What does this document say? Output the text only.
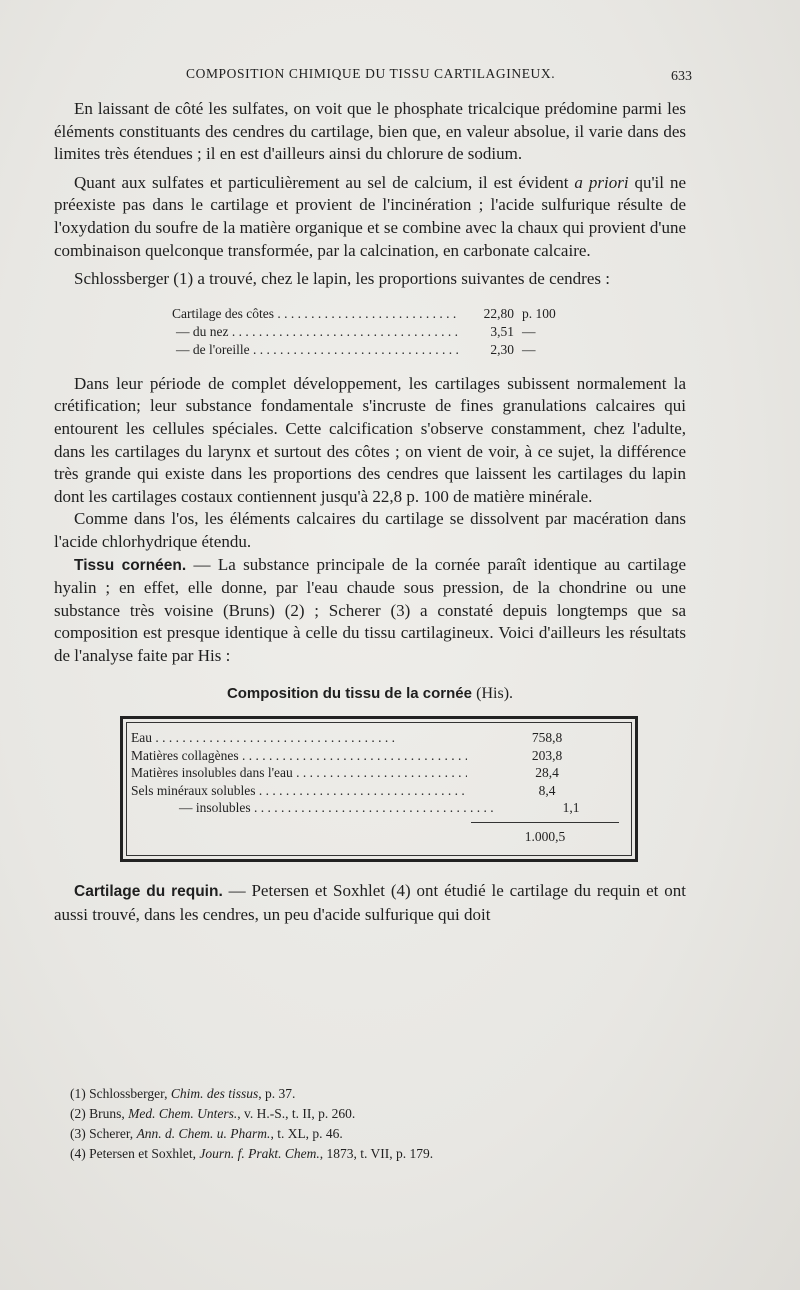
COMPOSITION CHIMIQUE DU TISSU CARTILAGINEUX.	633

En laissant de côté les sulfates, on voit que le phosphate tricalcique prédomine parmi les éléments constituants des cendres du cartilage, bien que, en valeur absolue, il varie dans des limites très étendues ; il en est d'ailleurs ainsi du chlorure de sodium.

Quant aux sulfates et particulièrement au sel de calcium, il est évident a priori qu'il ne préexiste pas dans le cartilage et provient de l'incinération ; l'acide sulfurique résulte de l'oxydation du soufre de la matière organique et se combine avec la chaux qui provient d'une combinaison quelconque transformée, par la calcination, en carbonate calcaire.

Schlossberger (1) a trouvé, chez le lapin, les proportions suivantes de cendres :

Cartilage des côtes . . .	22,80 p. 100
— du nez . . .	3,51 —
— de l'oreille . . .	2,30 —

Dans leur période de complet développement, les cartilages subissent normalement la crétification; leur substance fondamentale s'incruste de fines granulations calcaires qui entourent les cellules spéciales. Cette calcification s'observe constamment, chez l'adulte, dans les cartilages du larynx et surtout des côtes ; on vient de voir, à ce sujet, la différence très grande qui existe dans les proportions des cendres que laissent les cartilages du lapin dont les cartilages costaux contiennent jusqu'à 22,8 p. 100 de matière minérale.

Comme dans l'os, les éléments calcaires du cartilage se dissolvent par macération dans l'acide chlorhydrique étendu.

Tissu cornéen. — La substance principale de la cornée paraît identique au cartilage hyalin ; en effet, elle donne, par l'eau chaude sous pression, de la chondrine ou une substance très voisine (Bruns) (2) ; Scherer (3) a constaté depuis longtemps que sa composition est presque identique à celle du tissu cartilagineux. Voici d'ailleurs les résultats de l'analyse faite par His :

Composition du tissu de la cornée (His).
Eau . . .	758,8
Matières collagènes . . .	203,8
Matières insolubles dans l'eau . . .	28,4
Sels minéraux solubles . . .	8,4
— insolubles . . .	1,1
1.000,5

Cartilage du requin. — Petersen et Soxhlet (4) ont étudié le cartilage du requin et ont aussi trouvé, dans les cendres, un peu d'acide sulfurique qui doit

(1) Schlossberger, Chim. des tissus, p. 37.
(2) Bruns, Med. Chem. Unters., v. H.-S., t. II, p. 260.
(3) Scherer, Ann. d. Chem. u. Pharm., t. XL, p. 46.
(4) Petersen et Soxhlet, Journ. f. Prakt. Chem., 1873, t. VII, p. 179.
